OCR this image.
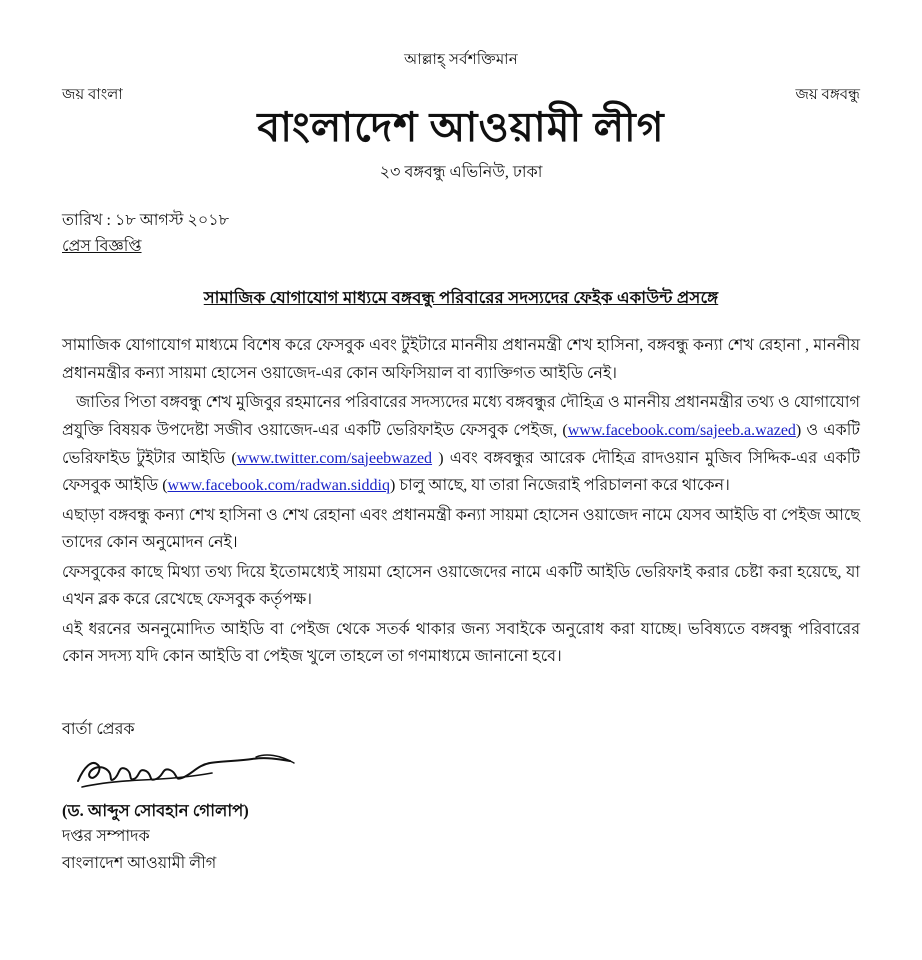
আল্লাহ্ সর্বশক্তিমান
জয় বাংলা	জয় বঙ্গবন্ধু
বাংলাদেশ আওয়ামী লীগ
২৩ বঙ্গবন্ধু এভিনিউ, ঢাকা
তারিখ : ১৮ আগস্ট ২০১৮
প্রেস বিজ্ঞপ্তি
সামাজিক যোগাযোগ মাধ্যমে বঙ্গবন্ধু পরিবারের সদস্যদের ফেইক একাউন্ট প্রসঙ্গে

সামাজিক যোগাযোগ মাধ্যমে বিশেষ করে ফেসবুক এবং টুইটারে মাননীয় প্রধানমন্ত্রী শেখ হাসিনা, বঙ্গবন্ধু কন্যা শেখ রেহানা , মাননীয় প্রধানমন্ত্রীর কন্যা সায়মা হোসেন ওয়াজেদ-এর কোন অফিসিয়াল বা ব্যাক্তিগত আইডি নেই।

জাতির পিতা বঙ্গবন্ধু শেখ মুজিবুর রহমানের পরিবারের সদস্যদের মধ্যে বঙ্গবন্ধুর দৌহিত্র ও মাননীয় প্রধানমন্ত্রীর তথ্য ও যোগাযোগ প্রযুক্তি বিষয়ক উপদেষ্টা সজীব ওয়াজেদ-এর একটি ভেরিফাইড ফেসবুক পেইজ, (www.facebook.com/sajeeb.a.wazed) ও একটি ভেরিফাইড টুইটার আইডি (www.twitter.com/sajeebwazed ) এবং বঙ্গবন্ধুর আরেক দৌহিত্র রাদওয়ান মুজিব সিদ্দিক-এর একটি ফেসবুক আইডি (www.facebook.com/radwan.siddiq) চালু আছে, যা তারা নিজেরাই পরিচালনা করে থাকেন।

এছাড়া বঙ্গবন্ধু কন্যা শেখ হাসিনা ও শেখ রেহানা এবং প্রধানমন্ত্রী কন্যা সায়মা হোসেন ওয়াজেদ নামে যেসব আইডি বা পেইজ আছে তাদের কোন অনুমোদন নেই।

ফেসবুকের কাছে মিথ্যা তথ্য দিয়ে ইতোমধ্যেই সায়মা হোসেন ওয়াজেদের নামে একটি আইডি ভেরিফাই করার চেষ্টা করা হয়েছে, যা এখন ব্লক করে রেখেছে ফেসবুক কর্তৃপক্ষ।

এই ধরনের অননুমোদিত আইডি বা পেইজ থেকে সতর্ক থাকার জন্য সবাইকে অনুরোধ করা যাচ্ছে। ভবিষ্যতে বঙ্গবন্ধু পরিবারের কোন সদস্য যদি কোন আইডি বা পেইজ খুলে তাহলে তা গণমাধ্যমে জানানো হবে।

বার্তা প্রেরক
(ড. আব্দুস সোবহান গোলাপ)
দপ্তর সম্পাদক
বাংলাদেশ আওয়ামী লীগ
